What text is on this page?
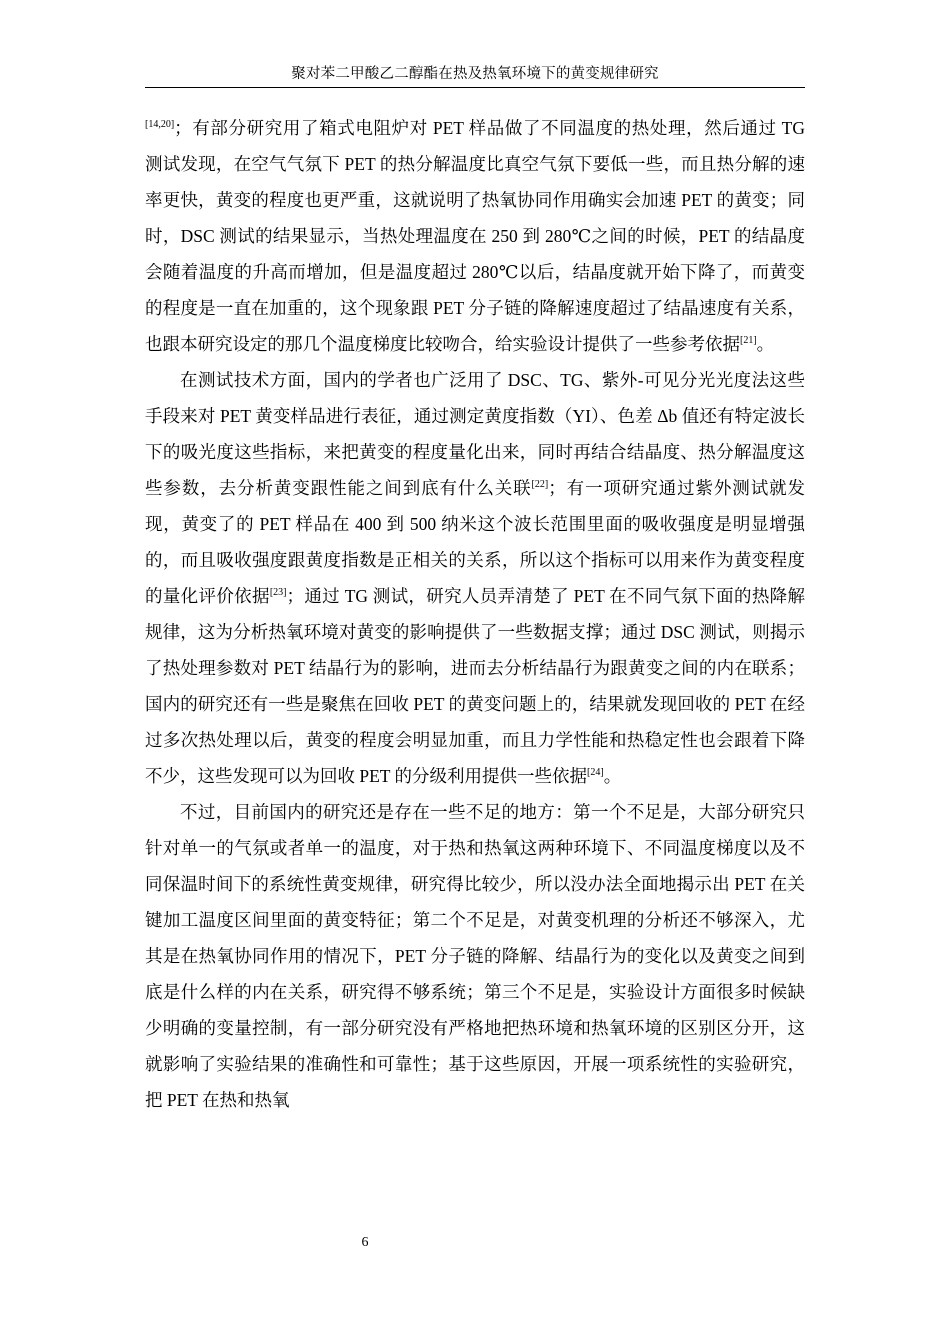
聚对苯二甲酸乙二醇酯在热及热氧环境下的黄变规律研究

[14,20]；有部分研究用了箱式电阻炉对 PET 样品做了不同温度的热处理，然后通过 TG 测试发现，在空气气氛下 PET 的热分解温度比真空气氛下要低一些，而且热分解的速率更快，黄变的程度也更严重，这就说明了热氧协同作用确实会加速 PET 的黄变；同时，DSC 测试的结果显示，当热处理温度在 250 到 280℃之间的时候，PET 的结晶度会随着温度的升高而增加，但是温度超过 280℃以后，结晶度就开始下降了，而黄变的程度是一直在加重的，这个现象跟 PET 分子链的降解速度超过了结晶速度有关系，也跟本研究设定的那几个温度梯度比较吻合，给实验设计提供了一些参考依据[21]。

在测试技术方面，国内的学者也广泛用了 DSC、TG、紫外-可见分光光度法这些手段来对 PET 黄变样品进行表征，通过测定黄度指数（YI）、色差 Δb 值还有特定波长下的吸光度这些指标，来把黄变的程度量化出来，同时再结合结晶度、热分解温度这些参数，去分析黄变跟性能之间到底有什么关联[22]；有一项研究通过紫外测试就发现，黄变了的 PET 样品在 400 到 500 纳米这个波长范围里面的吸收强度是明显增强的，而且吸收强度跟黄度指数是正相关的关系，所以这个指标可以用来作为黄变程度的量化评价依据[23]；通过 TG 测试，研究人员弄清楚了 PET 在不同气氛下面的热降解规律，这为分析热氧环境对黄变的影响提供了一些数据支撑；通过 DSC 测试，则揭示了热处理参数对 PET 结晶行为的影响，进而去分析结晶行为跟黄变之间的内在联系；国内的研究还有一些是聚焦在回收 PET 的黄变问题上的，结果就发现回收的 PET 在经过多次热处理以后，黄变的程度会明显加重，而且力学性能和热稳定性也会跟着下降不少，这些发现可以为回收 PET 的分级利用提供一些依据[24]。

不过，目前国内的研究还是存在一些不足的地方：第一个不足是，大部分研究只针对单一的气氛或者单一的温度，对于热和热氧这两种环境下、不同温度梯度以及不同保温时间下的系统性黄变规律，研究得比较少，所以没办法全面地揭示出 PET 在关键加工温度区间里面的黄变特征；第二个不足是，对黄变机理的分析还不够深入，尤其是在热氧协同作用的情况下，PET 分子链的降解、结晶行为的变化以及黄变之间到底是什么样的内在关系，研究得不够系统；第三个不足是，实验设计方面很多时候缺少明确的变量控制，有一部分研究没有严格地把热环境和热氧环境的区别区分开，这就影响了实验结果的准确性和可靠性；基于这些原因，开展一项系统性的实验研究，把 PET 在热和热氧

6
